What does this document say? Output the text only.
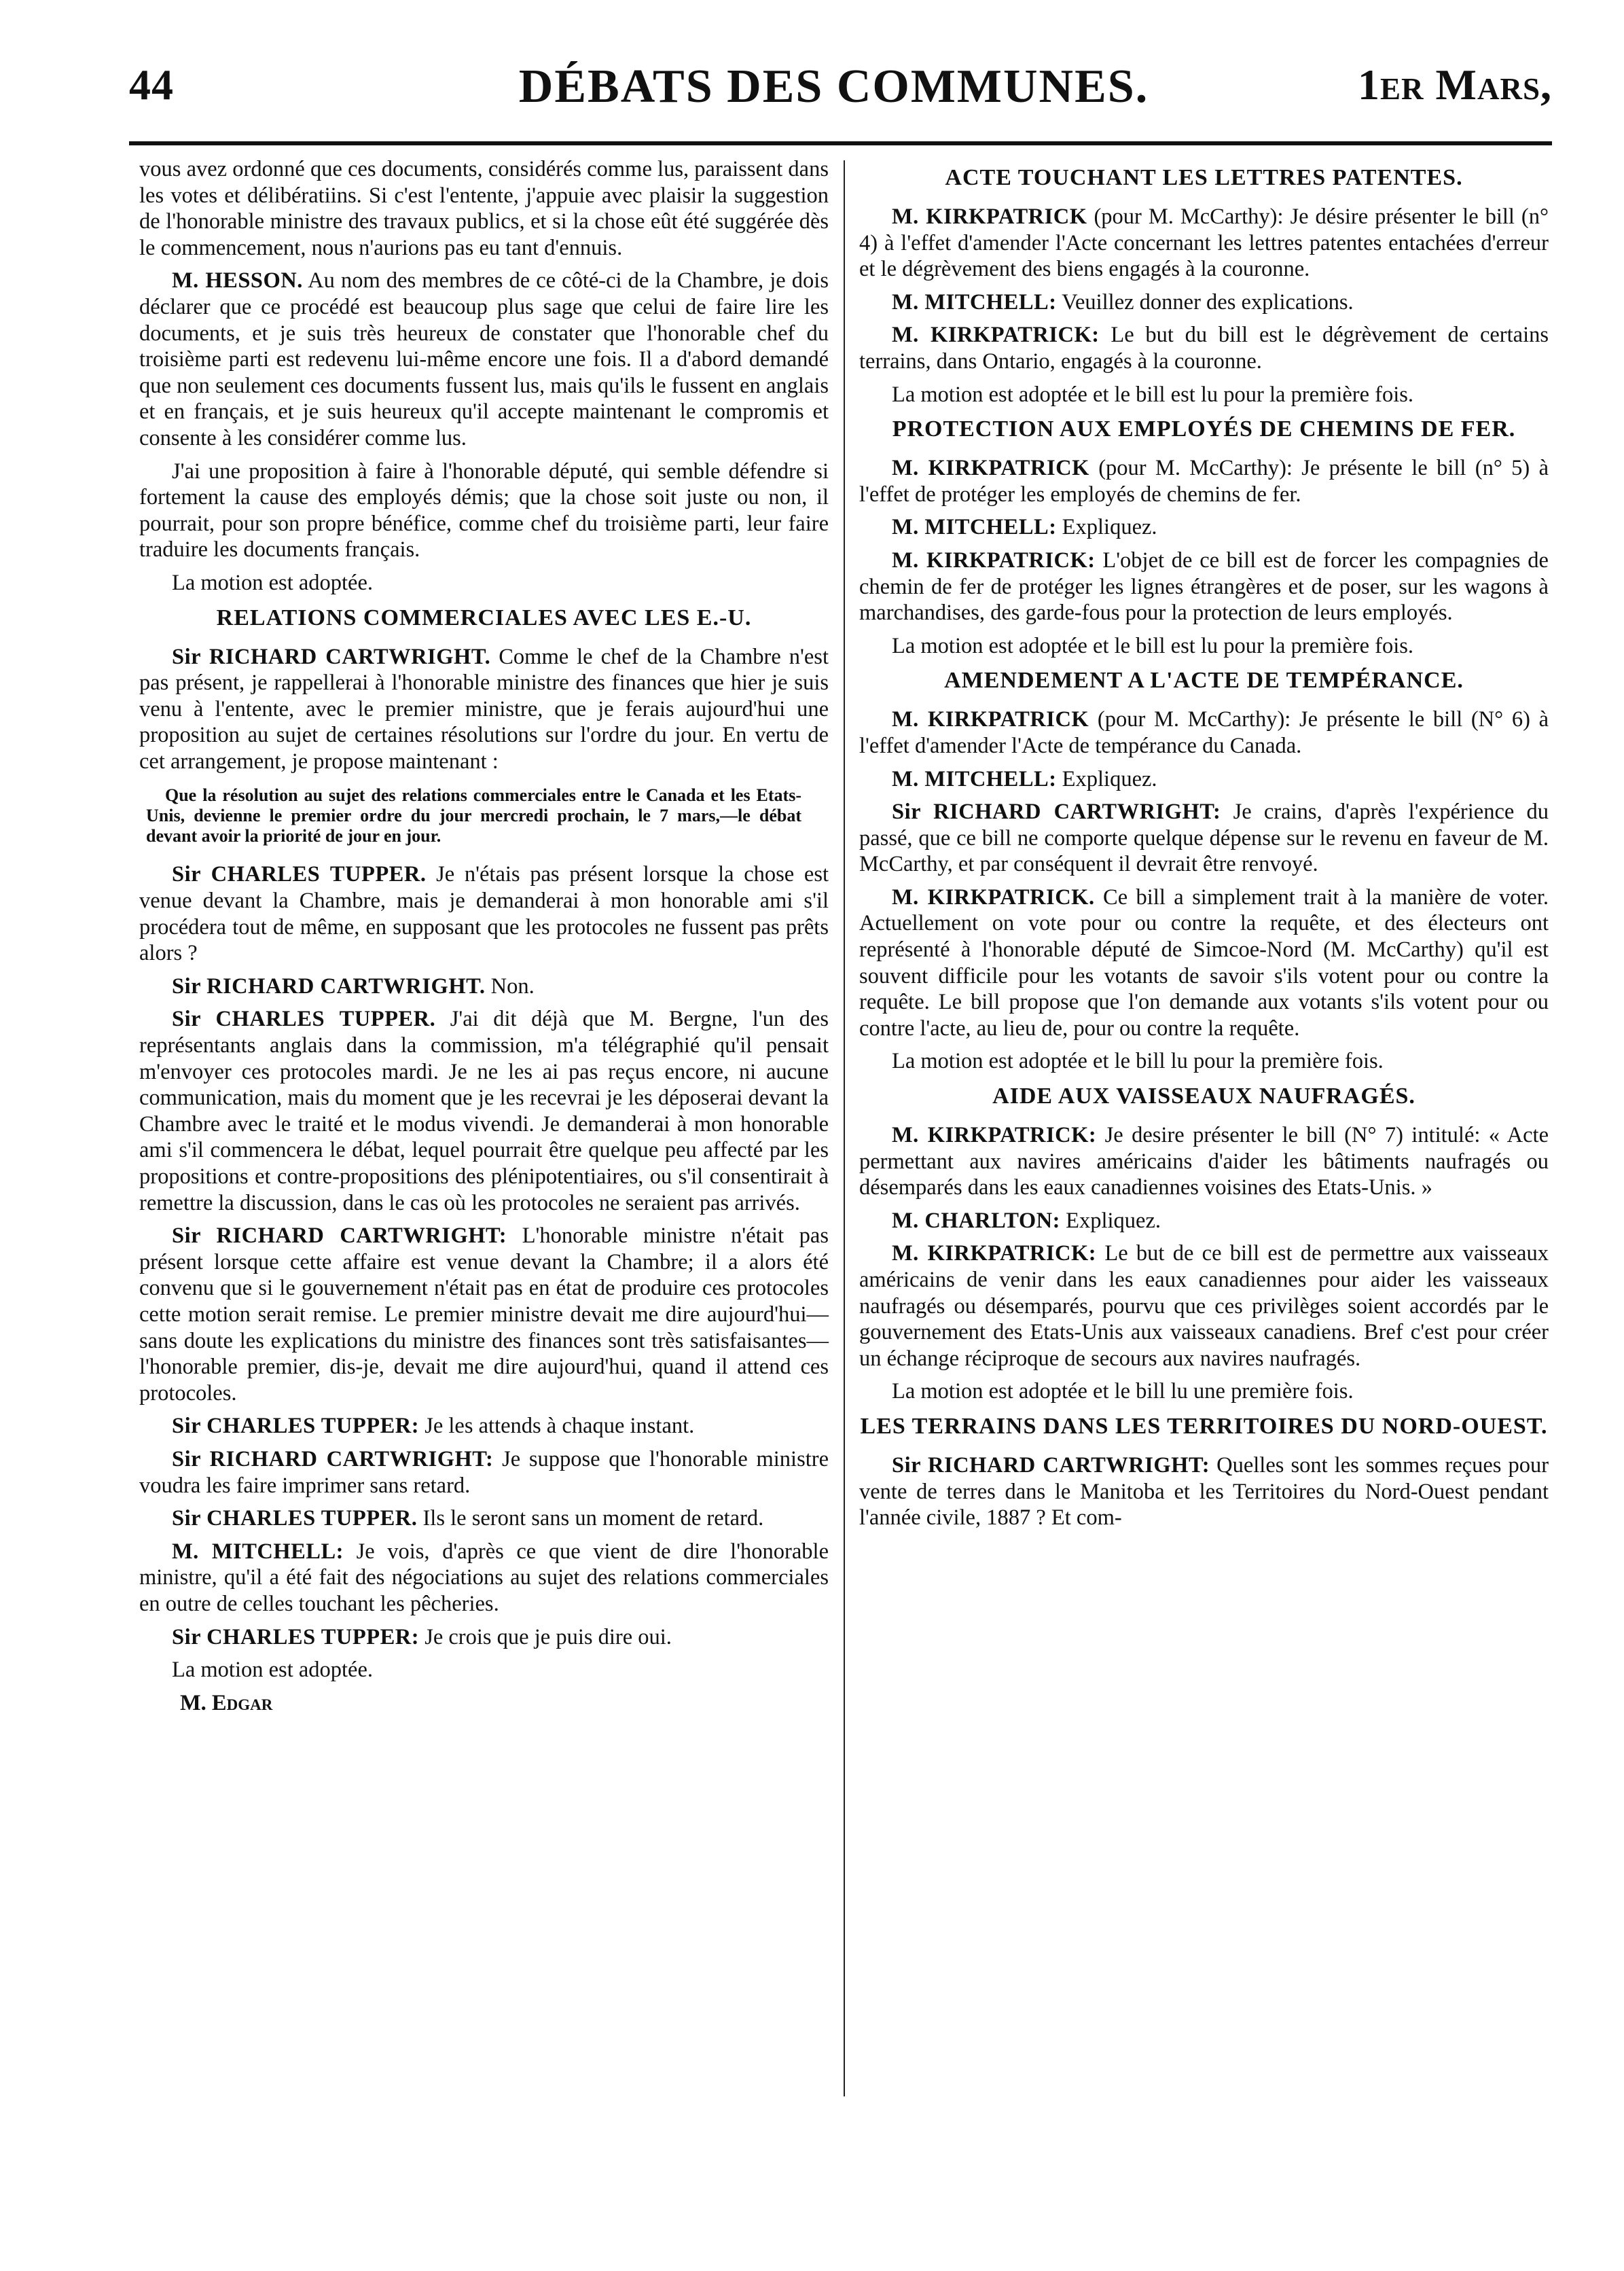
44	DÉBATS DES COMMUNES.	1er Mars,

vous avez ordonné que ces documents, considérés comme lus, paraissent dans les votes et délibératiins. Si c'est l'entente, j'appuie avec plaisir la suggestion de l'honorable ministre des travaux publics, et si la chose eût été suggérée dès le commencement, nous n'aurions pas eu tant d'ennuis.

M. HESSON. Au nom des membres de ce côté-ci de la Chambre, je dois déclarer que ce procédé est beaucoup plus sage que celui de faire lire les documents, et je suis très heureux de constater que l'honorable chef du troisième parti est redevenu lui-même encore une fois. Il a d'abord demandé que non seulement ces documents fussent lus, mais qu'ils le fussent en anglais et en français, et je suis heureux qu'il accepte maintenant le compromis et consente à les considérer comme lus.

J'ai une proposition à faire à l'honorable député, qui semble défendre si fortement la cause des employés démis; que la chose soit juste ou non, il pourrait, pour son propre bénéfice, comme chef du troisième parti, leur faire traduire les documents français.

La motion est adoptée.

RELATIONS COMMERCIALES AVEC LES E.-U.

Sir RICHARD CARTWRIGHT. Comme le chef de la Chambre n'est pas présent, je rappellerai à l'honorable ministre des finances que hier je suis venu à l'entente, avec le premier ministre, que je ferais aujourd'hui une proposition au sujet de certaines résolutions sur l'ordre du jour. En vertu de cet arrangement, je propose maintenant :

Que la résolution au sujet des relations commerciales entre le Canada et les Etats-Unis, devienne le premier ordre du jour mercredi prochain, le 7 mars,—le débat devant avoir la priorité de jour en jour.

Sir CHARLES TUPPER. Je n'étais pas présent lorsque la chose est venue devant la Chambre, mais je demanderai à mon honorable ami s'il procédera tout de même, en supposant que les protocoles ne fussent pas prêts alors ?

Sir RICHARD CARTWRIGHT. Non.

Sir CHARLES TUPPER. J'ai dit déjà que M. Bergne, l'un des représentants anglais dans la commission, m'a télégraphié qu'il pensait m'envoyer ces protocoles mardi. Je ne les ai pas reçus encore, ni aucune communication, mais du moment que je les recevrai je les déposerai devant la Chambre avec le traité et le modus vivendi. Je demanderai à mon honorable ami s'il commencera le débat, lequel pourrait être quelque peu affecté par les propositions et contre-propositions des plénipotentiaires, ou s'il consentirait à remettre la discussion, dans le cas où les protocoles ne seraient pas arrivés.

Sir RICHARD CARTWRIGHT: L'honorable ministre n'était pas présent lorsque cette affaire est venue devant la Chambre; il a alors été convenu que si le gouvernement n'était pas en état de produire ces protocoles cette motion serait remise. Le premier ministre devait me dire aujourd'hui—sans doute les explications du ministre des finances sont très satisfaisantes—l'honorable premier, dis-je, devait me dire aujourd'hui, quand il attend ces protocoles.

Sir CHARLES TUPPER: Je les attends à chaque instant.

Sir RICHARD CARTWRIGHT: Je suppose que l'honorable ministre voudra les faire imprimer sans retard.

Sir CHARLES TUPPER. Ils le seront sans un moment de retard.

M. MITCHELL: Je vois, d'après ce que vient de dire l'honorable ministre, qu'il a été fait des négociations au sujet des relations commerciales en outre de celles touchant les pêcheries.

Sir CHARLES TUPPER: Je crois que je puis dire oui.

La motion est adoptée.

M. Edgar
ACTE TOUCHANT LES LETTRES PATENTES.

M. KIRKPATRICK (pour M. McCarthy): Je désire présenter le bill (n° 4) à l'effet d'amender l'Acte concernant les lettres patentes entachées d'erreur et le dégrèvement des biens engagés à la couronne.

M. MITCHELL: Veuillez donner des explications.

M. KIRKPATRICK: Le but du bill est le dégrèvement de certains terrains, dans Ontario, engagés à la couronne.

La motion est adoptée et le bill est lu pour la première fois.

PROTECTION AUX EMPLOYÉS DE CHEMINS DE FER.

M. KIRKPATRICK (pour M. McCarthy): Je présente le bill (n° 5) à l'effet de protéger les employés de chemins de fer.

M. MITCHELL: Expliquez.

M. KIRKPATRICK: L'objet de ce bill est de forcer les compagnies de chemin de fer de protéger les lignes étrangères et de poser, sur les wagons à marchandises, des garde-fous pour la protection de leurs employés.

La motion est adoptée et le bill est lu pour la première fois.

AMENDEMENT A L'ACTE DE TEMPÉRANCE.

M. KIRKPATRICK (pour M. McCarthy): Je présente le bill (N° 6) à l'effet d'amender l'Acte de tempérance du Canada.

M. MITCHELL: Expliquez.

Sir RICHARD CARTWRIGHT: Je crains, d'après l'expérience du passé, que ce bill ne comporte quelque dépense sur le revenu en faveur de M. McCarthy, et par conséquent il devrait être renvoyé.

M. KIRKPATRICK. Ce bill a simplement trait à la manière de voter. Actuellement on vote pour ou contre la requête, et des électeurs ont représenté à l'honorable député de Simcoe-Nord (M. McCarthy) qu'il est souvent difficile pour les votants de savoir s'ils votent pour ou contre la requête. Le bill propose que l'on demande aux votants s'ils votent pour ou contre l'acte, au lieu de, pour ou contre la requête.

La motion est adoptée et le bill lu pour la première fois.

AIDE AUX VAISSEAUX NAUFRAGÉS.

M. KIRKPATRICK: Je desire présenter le bill (N° 7) intitulé: « Acte permettant aux navires américains d'aider les bâtiments naufragés ou désemparés dans les eaux canadiennes voisines des Etats-Unis. »

M. CHARLTON: Expliquez.

M. KIRKPATRICK: Le but de ce bill est de permettre aux vaisseaux américains de venir dans les eaux canadiennes pour aider les vaisseaux naufragés ou désemparés, pourvu que ces privilèges soient accordés par le gouvernement des Etats-Unis aux vaisseaux canadiens. Bref c'est pour créer un échange réciproque de secours aux navires naufragés.

La motion est adoptée et le bill lu une première fois.

LES TERRAINS DANS LES TERRITOIRES DU NORD-OUEST.

Sir RICHARD CARTWRIGHT: Quelles sont les sommes reçues pour vente de terres dans le Manitoba et les Territoires du Nord-Ouest pendant l'année civile, 1887 ? Et com-
